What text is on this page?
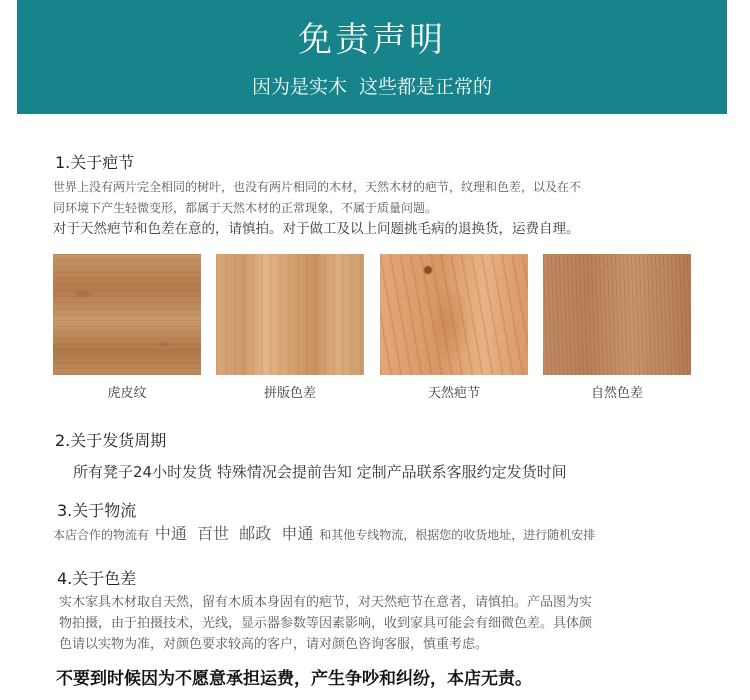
免责声明
因为是实木  这些都是正常的
1.关于疤节
世界上没有两片完全相同的树叶，也没有两片相同的木材，天然木材的疤节，纹理和色差，以及在不
同环境下产生轻微变形，都属于天然木材的正常现象，不属于质量问题。
对于天然疤节和色差在意的，请慎拍。对于做工及以上问题挑毛病的退换货，运费自理。
虎皮纹	拼版色差	天然疤节	自然色差
2.关于发货周期
所有凳子24小时发货 特殊情况会提前告知 定制产品联系客服约定发货时间
3.关于物流
本店合作的物流有 中通  百世  邮政  申通 和其他专线物流，根据您的收货地址，进行随机安排
4.关于色差
实木家具木材取自天然，留有木质本身固有的疤节，对天然疤节在意者，请慎拍。产品图为实
物拍摄，由于拍摄技术，光线，显示器参数等因素影响，收到家具可能会有细微色差。具体颜
色请以实物为准，对颜色要求较高的客户，请对颜色咨询客服，慎重考虑。
不要到时候因为不愿意承担运费，产生争吵和纠纷，本店无责。
